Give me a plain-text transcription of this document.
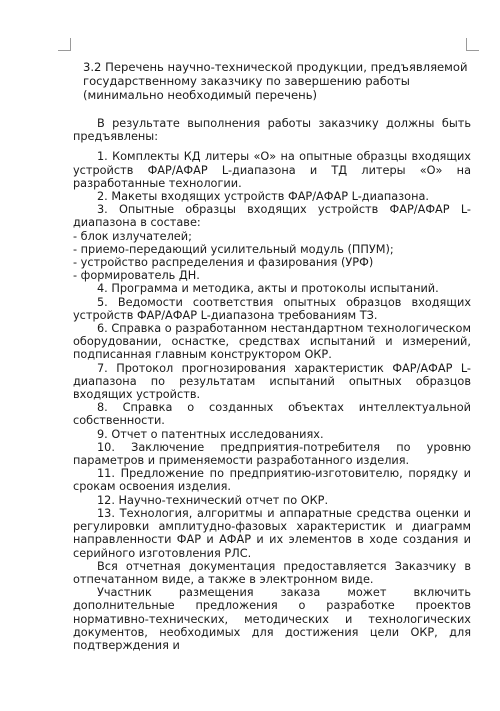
3.2 Перечень научно-технической продукции, предъявляемой государственному заказчику по завершению работы (минимально необходимый перечень)

В результате выполнения работы заказчику должны быть предъявлены:

1. Комплекты КД литеры «О» на опытные образцы входящих устройств ФАР/АФАР L-диапазона и ТД литеры «О» на разработанные технологии.

2. Макеты входящих устройств ФАР/АФАР L-диапазона.

3. Опытные образцы входящих устройств ФАР/АФАР L-диапазона в составе:

- блок излучателей;

- приемо-передающий усилительный модуль (ППУМ);

- устройство распределения и фазирования (УРФ)

- формирователь ДН.

4. Программа и методика, акты и протоколы испытаний.

5. Ведомости соответствия опытных образцов входящих устройств ФАР/АФАР L-диапазона требованиям ТЗ.

6. Справка о разработанном нестандартном технологическом оборудовании, оснастке, средствах испытаний и измерений, подписанная главным конструктором ОКР.

7. Протокол прогнозирования характеристик ФАР/АФАР L-диапазона по результатам испытаний опытных образцов входящих устройств.

8. Справка о созданных объектах интеллектуальной собственности.

9. Отчет о патентных исследованиях.

10. Заключение предприятия-потребителя по уровню параметров и применяемости разработанного изделия.

11. Предложение по предприятию-изготовителю, порядку и срокам освоения изделия.

12. Научно-технический отчет по ОКР.

13. Технология, алгоритмы и аппаратные средства оценки и регулировки амплитудно-фазовых характеристик и диаграмм направленности ФАР и АФАР и их элементов в ходе создания и серийного изготовления РЛС.

Вся отчетная документация предоставляется Заказчику в отпечатанном виде, а также в электронном виде.

Участник размещения заказа может включить дополнительные предложения о разработке проектов нормативно-технических, методических и технологических документов, необходимых для достижения цели ОКР, для подтверждения и
